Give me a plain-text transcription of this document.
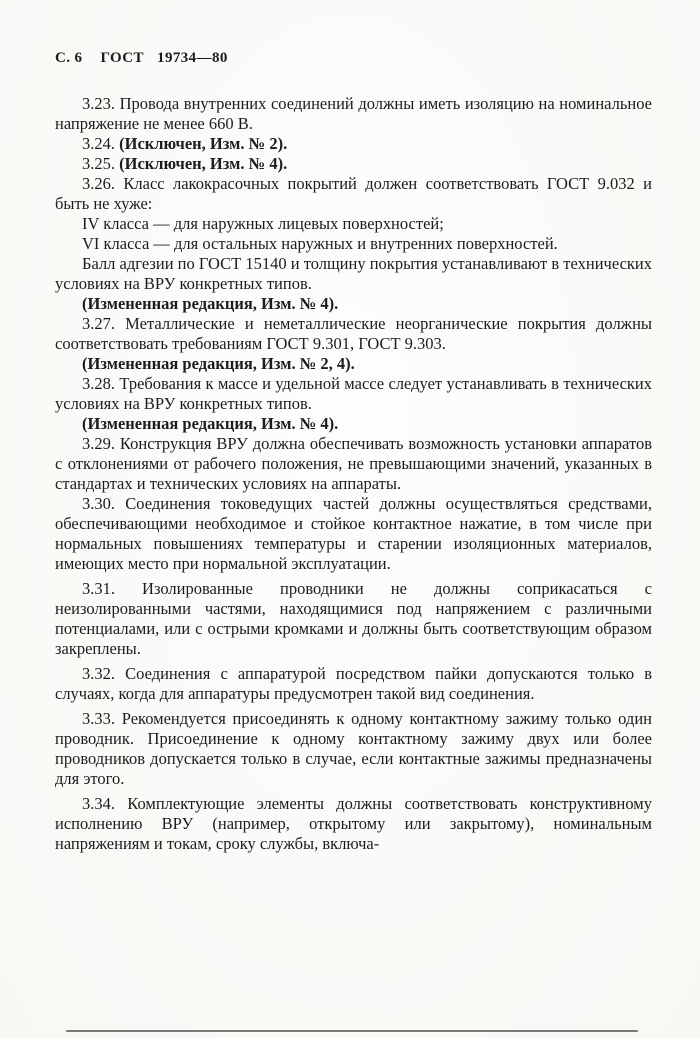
С. 6 ГОСТ 19734—80

3.23. Провода внутренних соединений должны иметь изоляцию на номинальное напряжение не менее 660 В.

3.24. (Исключен, Изм. № 2).

3.25. (Исключен, Изм. № 4).

3.26. Класс лакокрасочных покрытий должен соответствовать ГОСТ 9.032 и быть не хуже:

IV класса — для наружных лицевых поверхностей;

VI класса — для остальных наружных и внутренних поверхностей.

Балл адгезии по ГОСТ 15140 и толщину покрытия устанавливают в технических условиях на ВРУ конкретных типов.

(Измененная редакция, Изм. № 4).

3.27. Металлические и неметаллические неорганические покрытия должны соответствовать требованиям ГОСТ 9.301, ГОСТ 9.303.

(Измененная редакция, Изм. № 2, 4).

3.28. Требования к массе и удельной массе следует устанавливать в технических условиях на ВРУ конкретных типов.

(Измененная редакция, Изм. № 4).

3.29. Конструкция ВРУ должна обеспечивать возможность установки аппаратов с отклонениями от рабочего положения, не превышающими значений, указанных в стандартах и технических условиях на аппараты.

3.30. Соединения токоведущих частей должны осуществляться средствами, обеспечивающими необходимое и стойкое контактное нажатие, в том числе при нормальных повышениях температуры и старении изоляционных материалов, имеющих место при нормальной эксплуатации.

3.31. Изолированные проводники не должны соприкасаться с неизолированными частями, находящимися под напряжением с различными потенциалами, или с острыми кромками и должны быть соответствующим образом закреплены.

3.32. Соединения с аппаратурой посредством пайки допускаются только в случаях, когда для аппаратуры предусмотрен такой вид соединения.

3.33. Рекомендуется присоединять к одному контактному зажиму только один проводник. Присоединение к одному контактному зажиму двух или более проводников допускается только в случае, если контактные зажимы предназначены для этого.

3.34. Комплектующие элементы должны соответствовать конструктивному исполнению ВРУ (например, открытому или закрытому), номинальным напряжениям и токам, сроку службы, включа-
